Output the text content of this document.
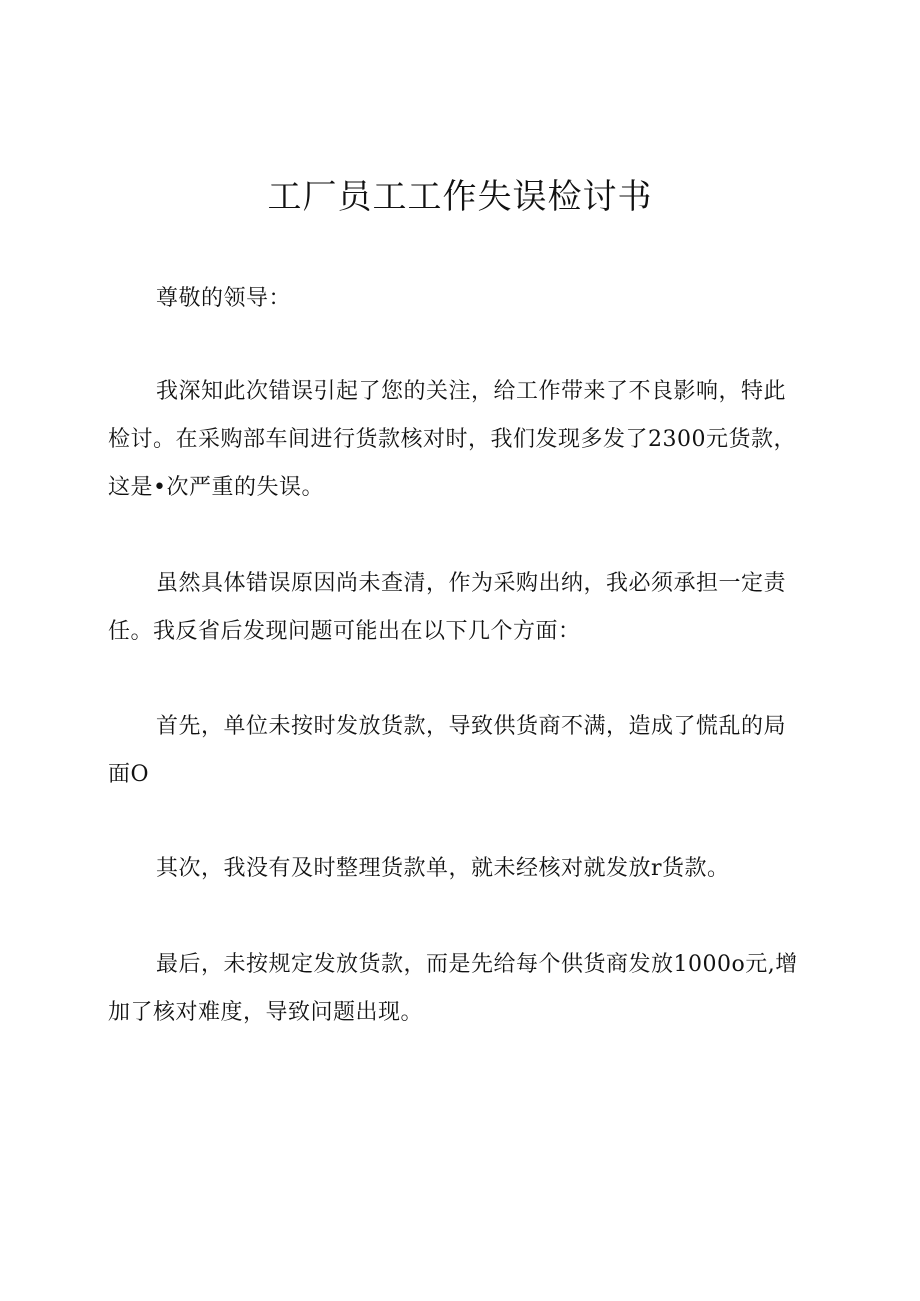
工厂员工工作失误检讨书

尊敬的领导：

我深知此次错误引起了您的关注，给工作带来了不良影响，特此检讨。在采购部车间进行货款核对时，我们发现多发了2300元货款，这是•次严重的失误。

虽然具体错误原因尚未查清，作为采购出纳，我必须承担一定责任。我反省后发现问题可能出在以下几个方面：

首先，单位未按时发放货款，导致供货商不满，造成了慌乱的局面O

其次，我没有及时整理货款单，就未经核对就发放r货款。

最后，未按规定发放货款，而是先给每个供货商发放1000o元,增加了核对难度，导致问题出现。
